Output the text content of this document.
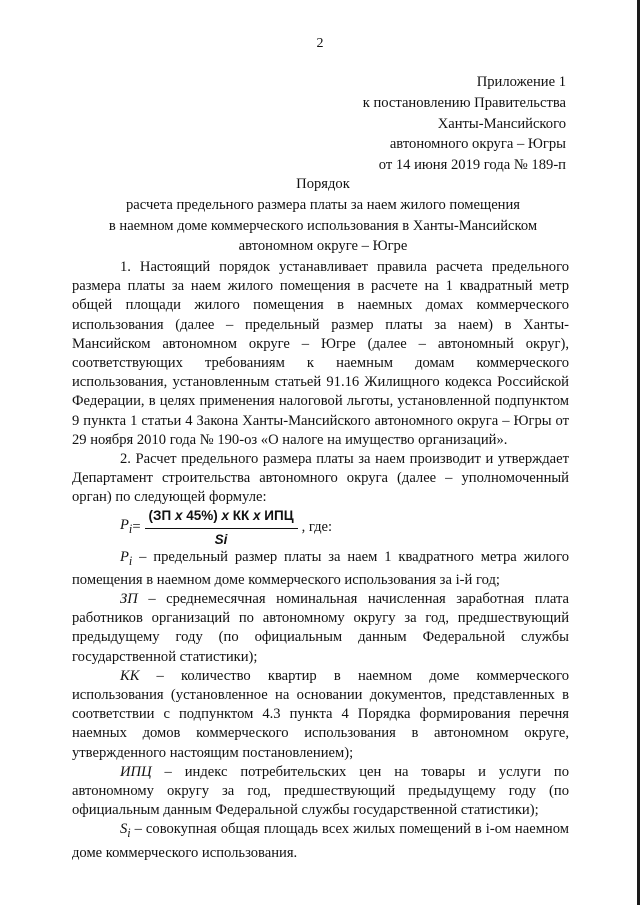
2
Приложение 1
к постановлению Правительства
Ханты-Мансийского
автономного округа – Югры
от 14 июня 2019 года № 189-п
Порядок
расчета предельного размера платы за наем жилого помещения
в наемном доме коммерческого использования в Ханты-Мансийском
автономном округе – Югре

1. Настоящий порядок устанавливает правила расчета предельного размера платы за наем жилого помещения в расчете на 1 квадратный метр общей площади жилого помещения в наемных домах коммерческого использования (далее – предельный размер платы за наем) в Ханты-Мансийском автономном округе – Югре (далее – автономный округ), соответствующих требованиям к наемным домам коммерческого использования, установленным статьей 91.16 Жилищного кодекса Российской Федерации, в целях применения налоговой льготы, установленной подпунктом 9 пункта 1 статьи 4 Закона Ханты-Мансийского автономного округа – Югры от 29 ноября 2010 года № 190-оз «О налоге на имущество организаций».

2. Расчет предельного размера платы за наем производит и утверждает Департамент строительства автономного округа (далее – уполномоченный орган) по следующей формуле:

$P_i = \frac{\text{(ЗП x 45\%) x КК x ИПЦ}}{Si}$ , где:

$P_i$ – предельный размер платы за наем 1 квадратного метра жилого помещения в наемном доме коммерческого использования за i-й год;

ЗП – среднемесячная номинальная начисленная заработная плата работников организаций по автономному округу за год, предшествующий предыдущему году (по официальным данным Федеральной службы государственной статистики);

КК – количество квартир в наемном доме коммерческого использования (установленное на основании документов, представленных в соответствии с подпунктом 4.3 пункта 4 Порядка формирования перечня наемных домов коммерческого использования в автономном округе, утвержденного настоящим постановлением);

ИПЦ – индекс потребительских цен на товары и услуги по автономному округу за год, предшествующий предыдущему году (по официальным данным Федеральной службы государственной статистики);

$S_i$ – совокупная общая площадь всех жилых помещений в i-ом наемном доме коммерческого использования.
